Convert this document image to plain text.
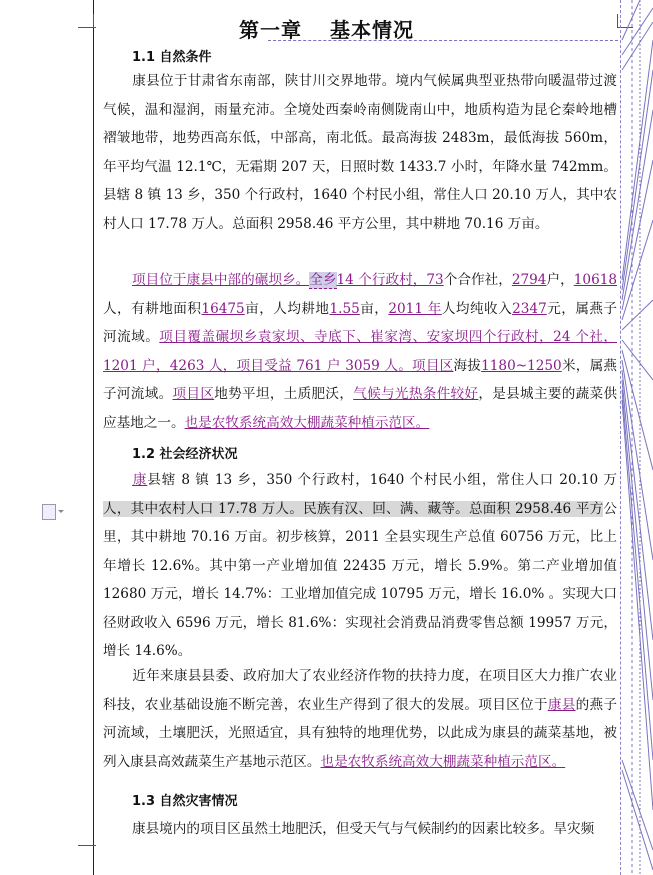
第一章 基本情况
1.1 自然条件
康县位于甘肃省东南部，陕甘川交界地带。境内气候属典型亚热带向暖温带过渡气候，温和湿润，雨量充沛。全境处西秦岭南侧陇南山中，地质构造为昆仑秦岭地槽褶皱地带，地势西高东低，中部高，南北低。最高海拔 2483m，最低海拔 560m，年平均气温 12.1℃，无霜期 207 天，日照时数 1433.7 小时，年降水量 742mm。县辖 8 镇 13 乡，350 个行政村，1640 个村民小组，常住人口 20.10 万人，其中农村人口 17.78 万人。总面积 2958.46 平方公里，其中耕地 70.16 万亩。
项目位于康县中部的碾坝乡。全乡14 个行政村，73个合作社，2794户，10618人，有耕地面积16475亩，人均耕地1.55亩，2011 年人均纯收入2347元，属燕子河流域。项目覆盖碾坝乡袁家坝、寺底下、崔家湾、安家坝四个行政村，24 个社，1201 户，4263 人，项目受益 761 户 3059 人。项目区海拔1180~1250米，属燕子河流域。项目区地势平坦，土质肥沃，气候与光热条件较好，是县城主要的蔬菜供应基地之一。也是农牧系统高效大棚蔬菜种植示范区。
1.2 社会经济状况
康县辖 8 镇 13 乡，350 个行政村，1640 个村民小组，常住人口 20.10 万人，其中农村人口 17.78 万人。民族有汉、回、满、藏等。总面积 2958.46 平方公里，其中耕地 70.16 万亩。初步核算，2011 全县实现生产总值 60756 万元，比上年增长 12.6%。其中第一产业增加值 22435 万元，增长 5.9%。第二产业增加值 12680 万元，增长 14.7%：工业增加值完成 10795 万元，增长 16.0% 。实现大口径财政收入 6596 万元，增长 81.6%：实现社会消费品消费零售总额 19957 万元，增长 14.6%。
近年来康县县委、政府加大了农业经济作物的扶持力度，在项目区大力推广农业科技，农业基础设施不断完善，农业生产得到了很大的发展。项目区位于康县的燕子河流域，土壤肥沃，光照适宜，具有独特的地理优势，以此成为康县的蔬菜基地，被列入康县高效蔬菜生产基地示范区。也是农牧系统高效大棚蔬菜种植示范区。
1.3 自然灾害情况
康县境内的项目区虽然土地肥沃，但受天气与气候制约的因素比较多。旱灾频
